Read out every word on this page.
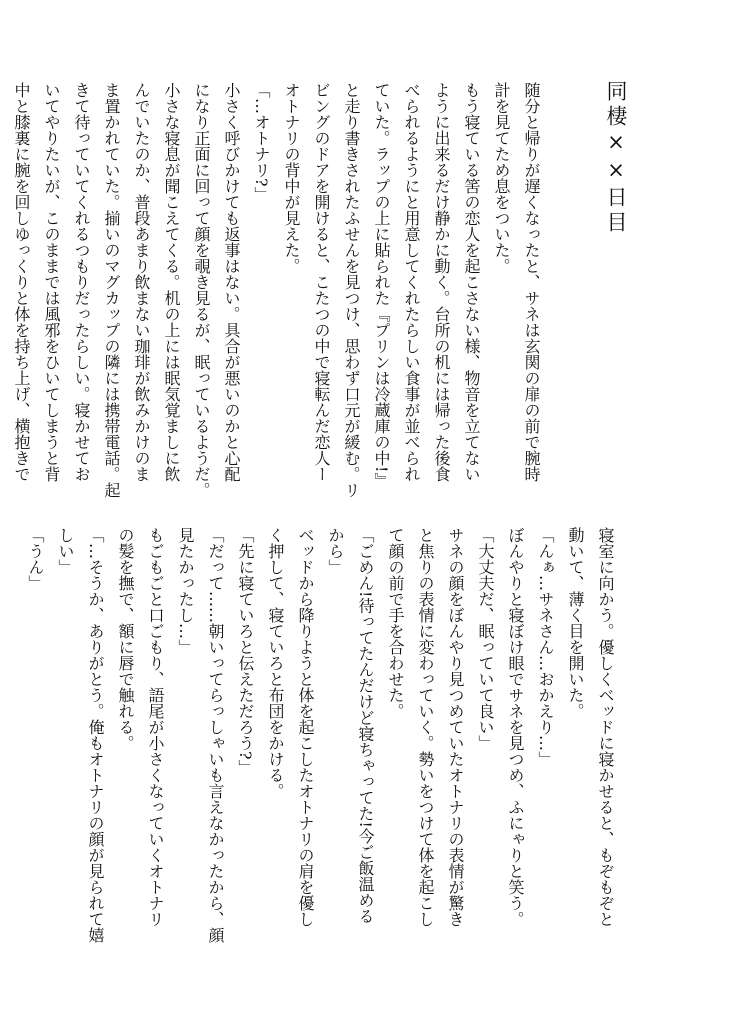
同棲××日目
随分と帰りが遅くなったと、サネは玄関の扉の前で腕時
計を見てため息をついた。
もう寝ている筈の恋人を起こさない様、物音を立てない
ように出来るだけ静かに動く。台所の机には帰った後食
べられるようにと用意してくれたらしい食事が並べられ
ていた。ラップの上に貼られた『プリンは冷蔵庫の中!』
と走り書きされたふせんを見つけ、思わず口元が緩む。リ
ビングのドアを開けると、こたつの中で寝転んだ恋人ー
オトナリの背中が見えた。
「…オトナリ?」
小さく呼びかけても返事はない。具合が悪いのかと心配
になり正面に回って顔を覗き見るが、眠っているようだ。
小さな寝息が聞こえてくる。机の上には眠気覚ましに飲
んでいたのか、普段あまり飲まない珈琲が飲みかけのま
ま置かれていた。揃いのマグカップの隣には携帯電話。起
きて待っていてくれるつもりだったらしい。寝かせてお
いてやりたいが、このままでは風邪をひいてしまうと背
中と膝裏に腕を回しゆっくりと体を持ち上げ、横抱きで
寝室に向かう。優しくベッドに寝かせると、もぞもぞと
動いて、薄く目を開いた。
「んぁ…サネさん…おかえり…」
ぼんやりと寝ぼけ眼でサネを見つめ、ふにゃりと笑う。
「大丈夫だ、眠っていて良い」
サネの顔をぼんやり見つめていたオトナリの表情が驚き
と焦りの表情に変わっていく。勢いをつけて体を起こし
て顔の前で手を合わせた。
「ごめん!待ってたんだけど寝ちゃってた!今ご飯温める
から」
ベッドから降りようと体を起こしたオトナリの肩を優し
く押して、寝ていろと布団をかける。
「先に寝ていろと伝えただろう?」
「だって……朝いってらっしゃいも言えなかったから、顔
見たかったし…」
もごもごと口ごもり、語尾が小さくなっていくオトナリ
の髪を撫で、額に唇で触れる。
「…そうか、ありがとう。俺もオトナリの顔が見られて嬉
しい」
「うん」
